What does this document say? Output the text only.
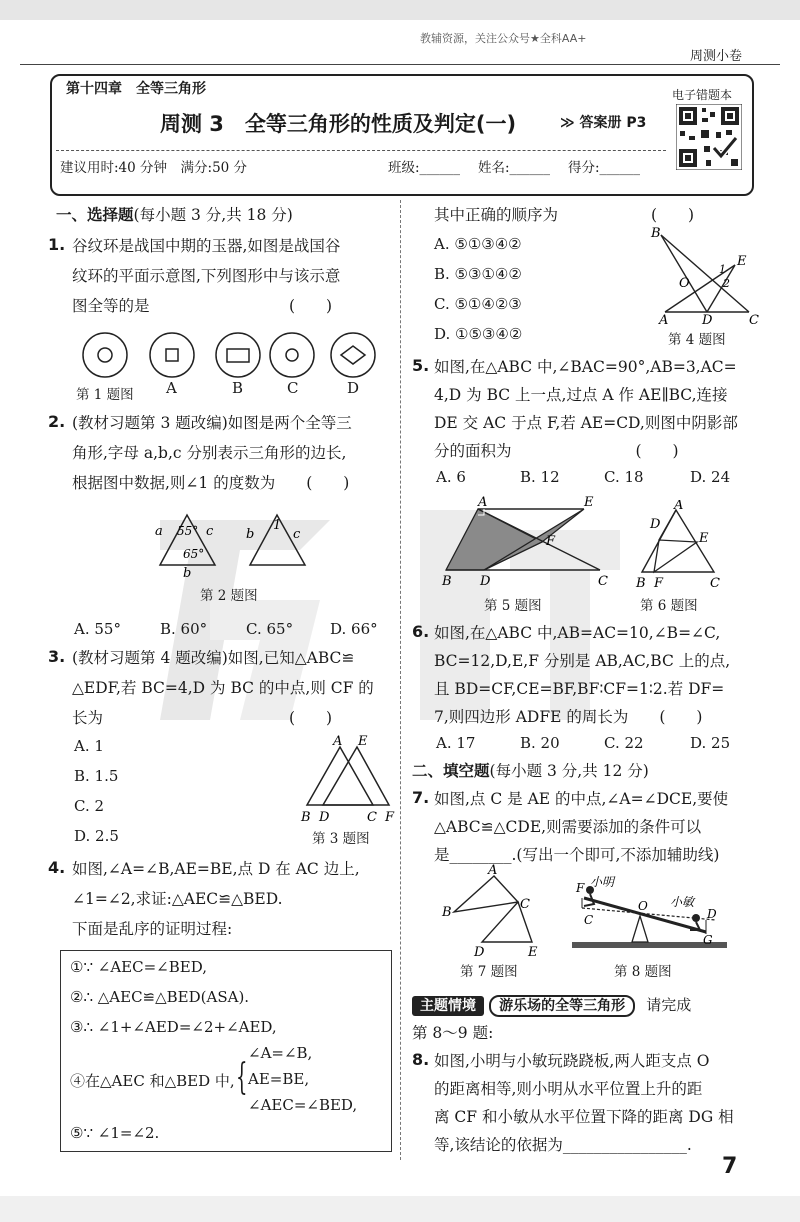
教辅资源，关注公众号★全科AA+
周测小卷
第十四章　全等三角形
周测 3　全等三角形的性质及判定(一)	≫ 答案册 P3
电子错题本
建议用时:40 分钟　满分:50 分	班级:______ 姓名:______ 得分:______
一、选择题(每小题 3 分,共 18 分)
1. 谷纹环是战国中期的玉器,如图是战国谷
纹环的平面示意图,下列图形中与该示意
图全等的是　　　　　　　　　(　　)
第 1 题图 A	B	C	D
2. (教材习题第 3 题改编)如图是两个全等三
角形,字母 a,b,c 分别表示三角形的边长,
根据图中数据,则∠1 的度数为　　(　　)
a	c
55°
65°
b
b	c
1
第 2 题图
A. 55°	B. 60°	C. 65° D. 66°
3. (教材习题第 4 题改编)如图,已知△ABC≌
△EDF,若 BC=4,D 为 BC 的中点,则 CF 的
长为　　　　　　　　　　　　(　　)
A. 1
B. 1.5
C. 2
D. 2.5
A E
B D	C F
第 3 题图
4. 如图,∠A=∠B,AE=BE,点 D 在 AC 边上,
∠1=∠2,求证:△AEC≌△BED.
下面是乱序的证明过程:
①∵ ∠AEC=∠BED,
②∴ △AEC≌△BED(ASA).
③∴ ∠1+∠AED=∠2+∠AED,
④在△AEC 和△BED 中, {
∠A=∠B,
AE=BE,
∠AEC=∠BED,
⑤∵ ∠1=∠2.
其中正确的顺序为　　　　　　(　　)
A. ⑤①③④②
B. ⑤③①④②
C. ⑤①④②③
D. ①⑤③④②
B
E
O
1
2
A	D	C
第 4 题图
5. 如图,在△ABC 中,∠BAC=90°,AB=3,AC=
4,D 为 BC 上一点,过点 A 作 AE∥BC,连接
DE 交 AC 于点 F,若 AE=CD,则图中阴影部
分的面积为　　　　　　　　(　　)
A. 6	B. 12	C. 18	D. 24
A	E
F
B D	C
第 5 题图
A
D
E
B F	C
第 6 题图
6. 如图,在△ABC 中,AB=AC=10,∠B=∠C,
BC=12,D,E,F 分别是 AB,AC,BC 上的点,
且 BD=CF,CE=BF,BF∶CF=1∶2.若 DF=
7,则四边形 ADFE 的周长为　　(　　)
A. 17	B. 20	C. 22	D. 25
二、填空题(每小题 3 分,共 12 分)
7. 如图,点 C 是 AE 的中点,∠A=∠DCE,要使
△ABC≌△CDE,则需要添加的条件可以
是________.(写出一个即可,不添加辅助线)
A
B
C
D	E
第 7 题图
F 小明
O 小敏
C	D
G
第 8 题图
主题情境 游乐场的全等三角形 请完成
第 8～9 题:
8. 如图,小明与小敏玩跷跷板,两人距支点 O
的距离相等,则小明从水平位置上升的距
离 CF 和小敏从水平位置下降的距离 DG 相
等,该结论的依据为________________.
7
